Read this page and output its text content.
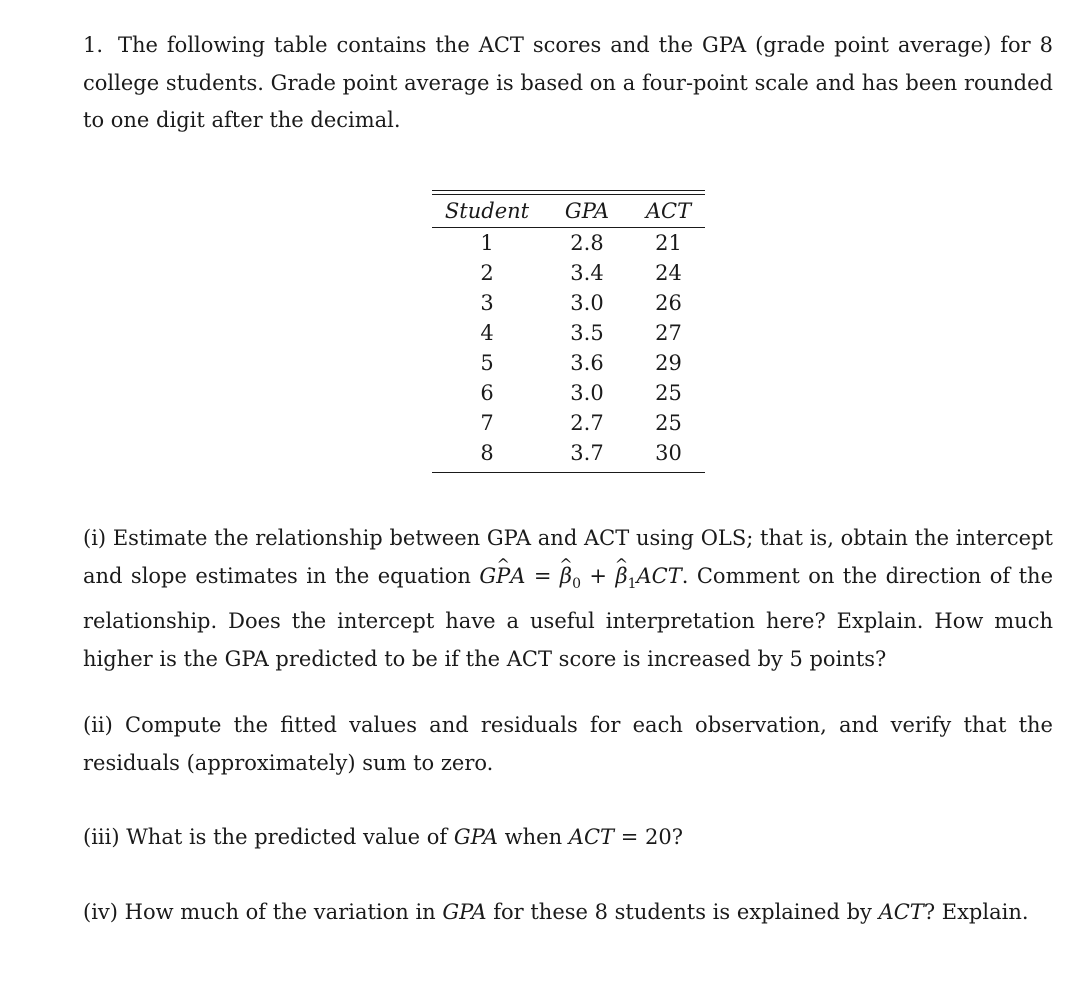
1. The following table contains the ACT scores and the GPA (grade point average) for 8 college students. Grade point average is based on a four-point scale and has been rounded to one digit after the decimal.

Student	GPA	ACT
1	2.8	21
2	3.4	24
3	3.0	26
4	3.5	27
5	3.6	29
6	3.0	25
7	2.7	25
8	3.7	30

(i) Estimate the relationship between GPA and ACT using OLS; that is, obtain the intercept and slope estimates in the equation G^ PA = ^ $\beta_0$ + ^ $\beta_1ACT$. Comment on the direction of the relationship. Does the intercept have a useful interpretation here? Explain. How much higher is the GPA predicted to be if the ACT score is increased by 5 points?

(ii) Compute the fitted values and residuals for each observation, and verify that the residuals (approximately) sum to zero.

(iii) What is the predicted value of GPA when ACT = 20?

(iv) How much of the variation in GPA for these 8 students is explained by ACT? Explain.
